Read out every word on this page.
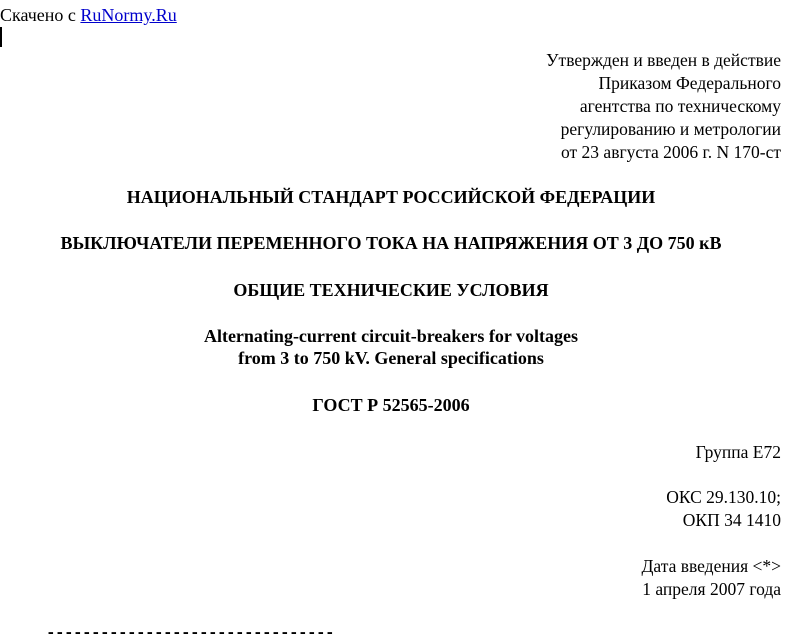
Скачено с RuNormy.Ru
Утвержден и введен в действие
Приказом Федерального
агентства по техническому
регулированию и метрологии
от 23 августа 2006 г. N 170-ст
НАЦИОНАЛЬНЫЙ СТАНДАРТ РОССИЙСКОЙ ФЕДЕРАЦИИ
ВЫКЛЮЧАТЕЛИ ПЕРЕМЕННОГО ТОКА НА НАПРЯЖЕНИЯ ОТ 3 ДО 750 кВ
ОБЩИЕ ТЕХНИЧЕСКИЕ УСЛОВИЯ
Alternating-current circuit-breakers for voltages
from 3 to 750 kV. General specifications
ГОСТ Р 52565-2006
Группа Е72
ОКС 29.130.10;
ОКП 34 1410
Дата введения <*>
1 апреля 2007 года
--------------------------------
